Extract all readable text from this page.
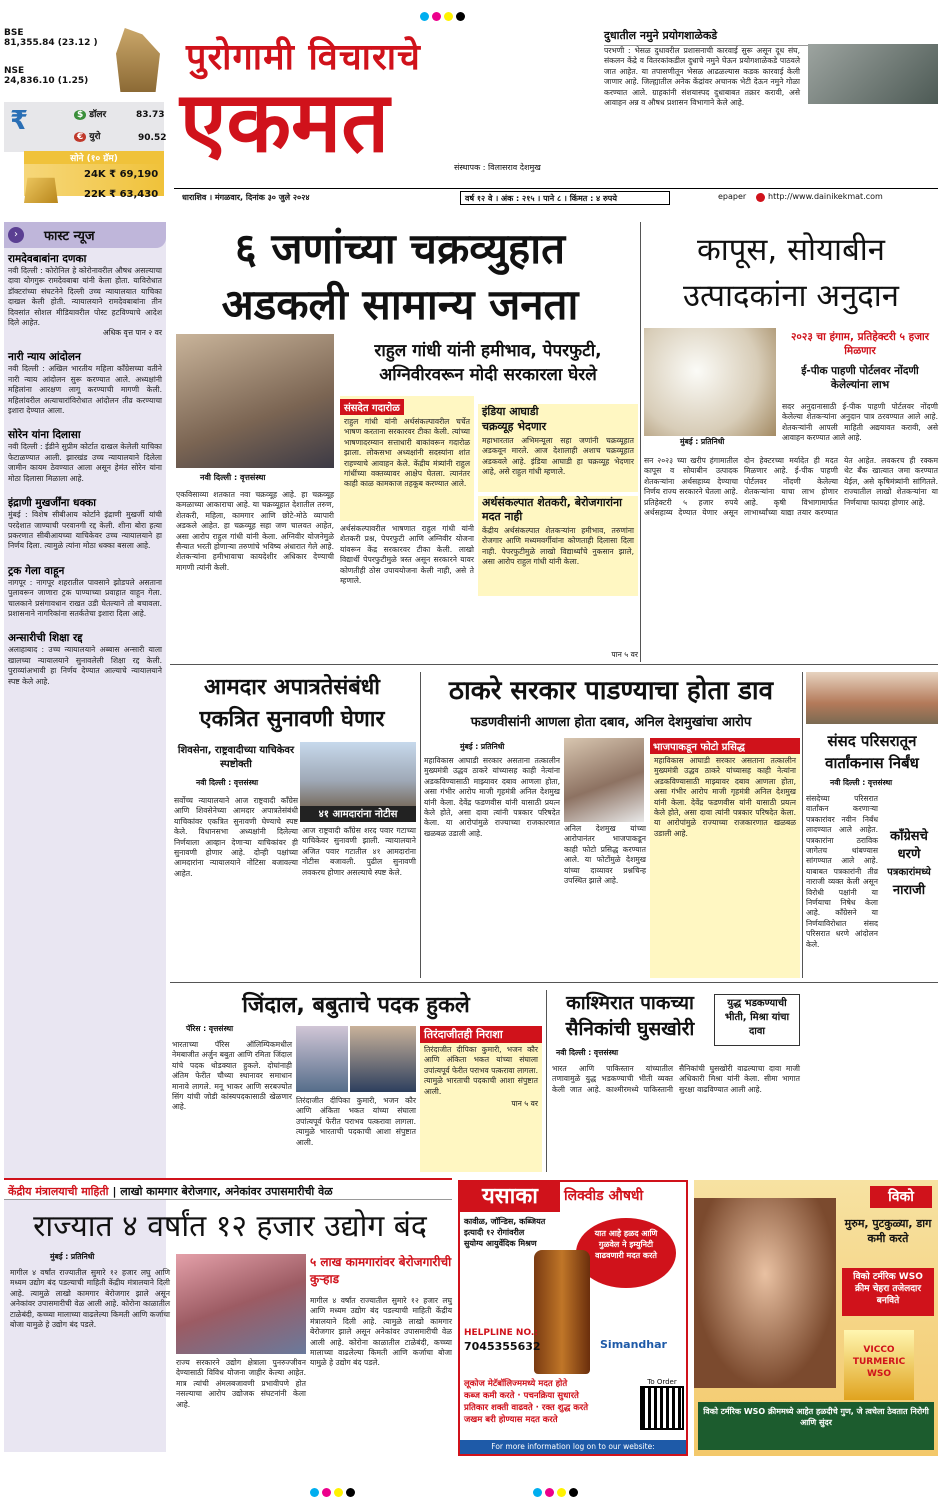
BSE
81,355.84 (23.12 )
NSE
24,836.10 (1.25)
₹	$ डॉलर	83.73
€ युरो	90.52
सोने (१० ग्रॅम)
24K ₹ 69,190
22K ₹ 63,430
पुरोगामी विचाराचे
एकमत	संस्थापक : विलासराव देशमुख
दुधातील नमुने प्रयोगशाळेकडे
परभणी : भेसळ दुधावरील प्रशासनाची कारवाई सुरू असून दूध संघ, संकलन केंद्रे व वितरकांकडील दुधाचे नमुने घेऊन प्रयोगशाळेकडे पाठवले जात आहेत. या तपासणीतून भेसळ आढळल्यास कडक कारवाई केली जाणार आहे. जिल्ह्यातील अनेक केंद्रांवर अचानक भेटी देऊन नमुने गोळा करण्यात आले. ग्राहकांनी संशयास्पद दुधाबाबत तक्रार करावी, असे आवाहन अन्न व औषध प्रशासन विभागाने केले आहे.
धाराशिव । मंगळवार, दिनांक ३० जुले २०२४	वर्ष १२ वे । अंक : २१५ । पाने ८ । किंमत : ४ रुपये	epaper	http://www.dainikekmat.com
›	फास्ट न्यूज
रामदेवबाबांना दणका
नवी दिल्ली : कोरोनिल हे कोरोनावरील औषध असल्याचा दावा योगगुरू रामदेवबाबा यांनी केला होता. याविरोधात डॉक्टरांच्या संघटनेने दिल्ली उच्च न्यायालयात याचिका दाखल केली होती. न्यायालयाने रामदेवबाबांना तीन दिवसांत सोशल मीडियावरील पोस्ट हटविण्याचे आदेश दिले आहेत.
अधिक वृत्त पान २ वर
नारी न्याय आंदोलन
नवी दिल्ली : अखिल भारतीय महिला काँग्रेसच्या वतीने नारी न्याय आंदोलन सुरू करण्यात आले. अध्यक्षांनी महिलांना आरक्षण लागू करण्याची मागणी केली. महिलांवरील अत्याचारांविरोधात आंदोलन तीव्र करण्याचा इशारा देण्यात आला.
सोरेन यांना दिलासा
नवी दिल्ली : ईडीने सुप्रीम कोर्टात दाखल केलेली याचिका फेटाळण्यात आली. झारखंड उच्च न्यायालयाने दिलेला जामीन कायम ठेवण्यात आला असून हेमंत सोरेन यांना मोठा दिलासा मिळाला आहे.
इंद्राणी मुखर्जींना धक्का
मुंबई : विशेष सीबीआय कोर्टाने इंद्राणी मुखर्जी यांची परदेशात जाण्याची परवानगी रद्द केली. शीना बोरा हत्या प्रकरणात सीबीआयच्या याचिकेवर उच्च न्यायालयाने हा निर्णय दिला. त्यामुळे त्यांना मोठा धक्का बसला आहे.
ट्रक गेला वाहून
नागपूर : नागपूर शहरातील पावसाने झोडपले असताना पुलावरून जाणारा ट्रक पाण्याच्या प्रवाहात वाहून गेला. चालकाने प्रसंगावधान राखत उडी घेतल्याने तो बचावला. प्रशासनाने नागरिकांना सतर्कतेचा इशारा दिला आहे.
अन्सारीची शिक्षा रद्द
अलाहाबाद : उच्च न्यायालयाने अब्बास अन्सारी याला खालच्या न्यायालयाने सुनावलेली शिक्षा रद्द केली. पुराव्यांअभावी हा निर्णय देण्यात आल्याचे न्यायालयाने स्पष्ट केले आहे.
६ जणांच्या चक्रव्युहात
अडकली सामान्य जनता
राहुल गांधी यांनी हमीभाव, पेपरफुटी,
अग्निवीरवरून मोदी सरकारला घेरले
नवी दिल्ली : वृत्तसंस्था
संसदेत गदारोळ
राहुल गांधी यांनी अर्थसंकल्पावरील चर्चेत भाषण करताना सरकारवर टीका केली. त्यांच्या भाषणादरम्यान सत्ताधारी बाकांवरून गदारोळ झाला. लोकसभा अध्यक्षांनी सदस्यांना शांत राहण्याचे आवाहन केले. केंद्रीय मंत्र्यांनी राहुल गांधींच्या वक्तव्यावर आक्षेप घेतला. त्यानंतर काही काळ कामकाज तहकूब करण्यात आले.
इंडिया आघाडी
चक्रव्यूह भेदणार
महाभारतात अभिमन्यूला सहा जणांनी चक्रव्यूहात अडकवून मारले. आज देशालाही अशाच चक्रव्यूहात अडकवले आहे. इंडिया आघाडी हा चक्रव्यूह भेदणार आहे, असे राहुल गांधी म्हणाले.
अर्थसंकल्पात शेतकरी, बेरोजगारांना मदत नाही
केंद्रीय अर्थसंकल्पात शेतकऱ्यांना हमीभाव, तरुणांना रोजगार आणि मध्यमवर्गीयांना कोणताही दिलासा दिला नाही. पेपरफुटीमुळे लाखो विद्यार्थ्यांचे नुकसान झाले, असा आरोप राहुल गांधी यांनी केला.
एकविसाव्या शतकात नवा चक्रव्यूह आहे. हा चक्रव्यूह कमळाच्या आकाराचा आहे. या चक्रव्यूहात देशातील तरुण, शेतकरी, महिला, कामगार आणि छोटे-मोठे व्यापारी अडकले आहेत. हा चक्रव्यूह सहा जण चालवत आहेत, असा आरोप राहुल गांधी यांनी केला. अग्निवीर योजनेमुळे सैन्यात भरती होणाऱ्या तरुणांचे भविष्य अंधारात गेले आहे. शेतकऱ्यांना हमीभावाचा कायदेशीर अधिकार देण्याची मागणी त्यांनी केली.
अर्थसंकल्पावरील भाषणात राहुल गांधी यांनी शेतकरी प्रश्न, पेपरफुटी आणि अग्निवीर योजना यांवरून केंद्र सरकारवर टीका केली. लाखो विद्यार्थी पेपरफुटीमुळे त्रस्त असून सरकारने यावर कोणतीही ठोस उपाययोजना केली नाही, असे ते म्हणाले.
पान ५ वर
कापूस, सोयाबीन
उत्पादकांना अनुदान
मुंबई : प्रतिनिधी
२०२३ चा हंगाम, प्रतिहेक्टरी ५ हजार मिळणार
ई-पीक पाहणी पोर्टलवर नोंदणी केलेल्यांना लाभ
सदर अनुदानासाठी ई-पीक पाहणी पोर्टलवर नोंदणी केलेल्या शेतकऱ्यांना अनुदान पात्र ठरवण्यात आले आहे. शेतकऱ्यांनी आपली माहिती अद्ययावत करावी, असे आवाहन करण्यात आले आहे.
सन २०२३ च्या खरीप हंगामातील कापूस व सोयाबीन उत्पादक शेतकऱ्यांना अर्थसहाय्य देण्याचा निर्णय राज्य सरकारने घेतला आहे. प्रतिहेक्टरी ५ हजार रुपये अर्थसहाय्य देण्यात येणार असून दोन हेक्टरच्या मर्यादेत ही मदत मिळणार आहे. ई-पीक पाहणी पोर्टलवर नोंदणी केलेल्या शेतकऱ्यांना याचा लाभ होणार आहे. कृषी विभागामार्फत लाभार्थ्यांच्या याद्या तयार करण्यात येत आहेत. लवकरच ही रक्कम थेट बँक खात्यात जमा करण्यात येईल, असे कृषिमंत्र्यांनी सांगितले. राज्यातील लाखो शेतकऱ्यांना या निर्णयाचा फायदा होणार आहे.
आमदार अपात्रतेसंबंधी
एकत्रित सुनावणी घेणार
शिवसेना, राष्ट्रवादीच्या याचिकेवर स्पष्टोक्ती
४१ आमदारांना नोटीस
नवी दिल्ली : वृत्तसंस्था
सर्वोच्च न्यायालयाने आज राष्ट्रवादी काँग्रेस आणि शिवसेनेच्या आमदार अपात्रतेसंबंधी याचिकांवर एकत्रित सुनावणी घेण्याचे स्पष्ट केले. विधानसभा अध्यक्षांनी दिलेल्या निर्णयाला आव्हान देणाऱ्या याचिकांवर ही सुनावणी होणार आहे. दोन्ही पक्षांच्या आमदारांना न्यायालयाने नोटिसा बजावल्या आहेत.
आज राष्ट्रवादी काँग्रेस शरद पवार गटाच्या याचिकेवर सुनावणी झाली. न्यायालयाने अजित पवार गटातील ४१ आमदारांना नोटीस बजावली. पुढील सुनावणी लवकरच होणार असल्याचे स्पष्ट केले.
ठाकरे सरकार पाडण्याचा होता डाव
फडणवीसांनी आणला होता दबाव, अनिल देशमुखांचा आरोप
मुंबई : प्रतिनिधी
महाविकास आघाडी सरकार असताना तत्कालीन मुख्यमंत्री उद्धव ठाकरे यांच्यासह काही नेत्यांना अडकविण्यासाठी माझ्यावर दबाव आणला होता, असा गंभीर आरोप माजी गृहमंत्री अनिल देशमुख यांनी केला. देवेंद्र फडणवीस यांनी यासाठी प्रयत्न केले होते, असा दावा त्यांनी पत्रकार परिषदेत केला. या आरोपांमुळे राज्याच्या राजकारणात खळबळ उडाली आहे.
अनिल देशमुख यांच्या आरोपानंतर भाजपाकडून काही फोटो प्रसिद्ध करण्यात आले. या फोटोंमुळे देशमुख यांच्या दाव्यावर प्रश्नचिन्ह उपस्थित झाले आहे.
भाजपाकडून फोटो प्रसिद्ध
महाविकास आघाडी सरकार असताना तत्कालीन मुख्यमंत्री उद्धव ठाकरे यांच्यासह काही नेत्यांना अडकविण्यासाठी माझ्यावर दबाव आणला होता, असा गंभीर आरोप माजी गृहमंत्री अनिल देशमुख यांनी केला. देवेंद्र फडणवीस यांनी यासाठी प्रयत्न केले होते, असा दावा त्यांनी पत्रकार परिषदेत केला. या आरोपांमुळे राज्याच्या राजकारणात खळबळ उडाली आहे.
संसद परिसरातून
वार्तांकनास निर्बंध
नवी दिल्ली : वृत्तसंस्था
संसदेच्या परिसरात वार्तांकन करणाऱ्या पत्रकारांवर नवीन निर्बंध लादण्यात आले आहेत. पत्रकारांना ठराविक जागेतच थांबण्यास सांगण्यात आले आहे. याबाबत पत्रकारांनी तीव्र नाराजी व्यक्त केली असून विरोधी पक्षांनी या निर्णयाचा निषेध केला आहे. काँग्रेसने या निर्णयाविरोधात संसद परिसरात धरणे आंदोलन केले.
काँग्रेसचे
धरणे
पत्रकारांमध्ये
नाराजी
जिंदाल, बबुताचे पदक हुकले
पॅरिस : वृत्तसंस्था
भारताच्या पॅरिस ऑलिम्पिकमधील नेमबाजीत अर्जुन बबुता आणि रमिता जिंदाल यांचे पदक थोडक्यात हुकले. दोघांनाही अंतिम फेरीत चौथ्या स्थानावर समाधान मानावे लागले. मनू भाकर आणि सरबज्योत सिंग यांची जोडी कांस्यपदकासाठी खेळणार आहे.
तिरंदाजीत दीपिका कुमारी, भजन कौर आणि अंकिता भकत यांच्या संघाला उपांत्यपूर्व फेरीत पराभव पत्करावा लागला. त्यामुळे भारताची पदकाची आशा संपुष्टात आली.
तिरंदाजीतही निराशा
तिरंदाजीत दीपिका कुमारी, भजन कौर आणि अंकिता भकत यांच्या संघाला उपांत्यपूर्व फेरीत पराभव पत्करावा लागला. त्यामुळे भारताची पदकाची आशा संपुष्टात आली.
पान ५ वर
काश्मिरात पाकच्या
सैनिकांची घुसखोरी
युद्ध भडकण्याची भीती, मिश्रा यांचा दावा
नवी दिल्ली : वृत्तसंस्था
भारत आणि पाकिस्तान यांच्यातील तणावामुळे युद्ध भडकण्याची भीती व्यक्त केली जात आहे. काश्मीरमध्ये पाकिस्तानी सैनिकांची घुसखोरी वाढल्याचा दावा माजी अधिकारी मिश्रा यांनी केला. सीमा भागात सुरक्षा वाढविण्यात आली आहे.
केंद्रीय मंत्रालयाची माहिती | लाखो कामगार बेरोजगार, अनेकांवर उपासमारीची वेळ
राज्यात ४ वर्षांत १२ हजार उद्योग बंद
मुंबई : प्रतिनिधी
मागील ४ वर्षांत राज्यातील सुमारे १२ हजार लघु आणि मध्यम उद्योग बंद पडल्याची माहिती केंद्रीय मंत्रालयाने दिली आहे. त्यामुळे लाखो कामगार बेरोजगार झाले असून अनेकांवर उपासमारीची वेळ आली आहे. कोरोना काळातील टाळेबंदी, कच्च्या मालाच्या वाढलेल्या किमती आणि कर्जाचा बोजा यामुळे हे उद्योग बंद पडले.
५ लाख कामगारांवर बेरोजगारीची कुऱ्हाड
राज्य सरकारने उद्योग क्षेत्राला पुनरुज्जीवन देण्यासाठी विविध योजना जाहीर केल्या आहेत. मात्र त्यांची अंमलबजावणी प्रभावीपणे होत नसल्याचा आरोप उद्योजक संघटनांनी केला आहे.
मागील ४ वर्षांत राज्यातील सुमारे १२ हजार लघु आणि मध्यम उद्योग बंद पडल्याची माहिती केंद्रीय मंत्रालयाने दिली आहे. त्यामुळे लाखो कामगार बेरोजगार झाले असून अनेकांवर उपासमारीची वेळ आली आहे. कोरोना काळातील टाळेबंदी, कच्च्या मालाच्या वाढलेल्या किमती आणि कर्जाचा बोजा यामुळे हे उद्योग बंद पडले.
यसाका	लिक्वीड औषधी
कावीळ, जॉन्डिस, कब्जियत
इत्यादी १२ रोगांवरील
सुयोग्य आयुर्वेदिक मिश्रण
यात आहे हळद आणि गुळवेल ने इम्युनिटी वाढवणारी मदत करते
HELPLINE NO.:
7045355632	Simandhar
लूकोज मेटॅबॉलिज्ममध्ये मदत होते
कब्ज कमी करते · पचनक्रिया सुधारते
प्रतिकार शक्ती वाढवते · रक्त शुद्ध करते
जखम बरी होण्यास मदत करते
To Order
For more information log on to our website: www.simandharherbal.com
विको
मुरुम, पुटकुळ्या, डाग कमी करते
विको टर्मरिक WSO क्रीम चेहरा तजेलदार बनविते
VICCO TURMERIC WSO
विको टर्मरिक WSO क्रीममध्ये आहेत हळदीचे गुण, जे त्वचेला ठेवतात निरोगी आणि सुंदर
